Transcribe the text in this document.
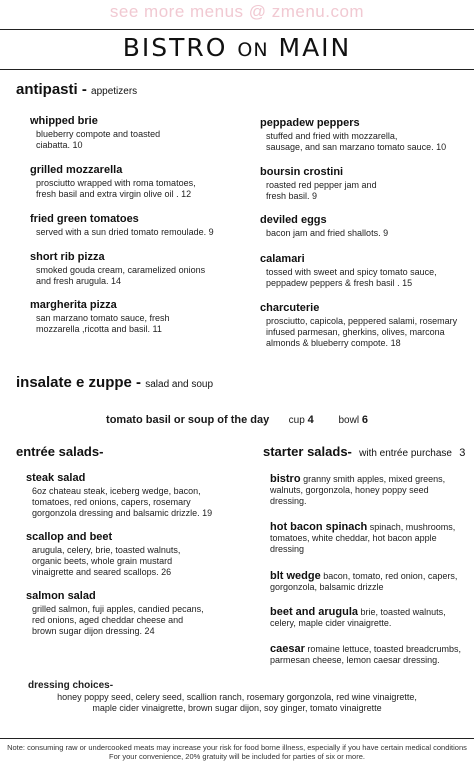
see more menus @ zmenu.com
BISTRO ON MAIN
antipasti - appetizers
whipped brie
blueberry compote and toasted
ciabatta. 10
grilled mozzarella
prosciutto wrapped with roma tomatoes,
fresh basil and extra virgin olive oil . 12
fried green tomatoes
served with a sun dried tomato remoulade. 9
short rib pizza
smoked gouda cream, caramelized onions
and fresh arugula. 14
margherita pizza
san marzano tomato sauce, fresh
mozzarella ,ricotta and basil. 11
peppadew peppers
stuffed and fried with mozzarella,
sausage, and san marzano tomato sauce. 10
boursin crostini
roasted red pepper jam and
fresh basil. 9
deviled eggs
bacon jam and fried shallots. 9
calamari
tossed with sweet and spicy tomato sauce,
peppadew peppers & fresh basil . 15
charcuterie
prosciutto, capicola, peppered salami, rosemary
infused parmesan, gherkins, olives, marcona
almonds & blueberry compote. 18
insalate e zuppe - salad and soup
tomato basil or soup of the day cup 4 bowl 6
entrée salads-
steak salad
6oz chateau steak, iceberg wedge, bacon,
tomatoes, red onions, capers, rosemary
gorgonzola dressing and balsamic drizzle. 19
scallop and beet
arugula, celery, brie, toasted walnuts,
organic beets, whole grain mustard
vinaigrette and seared scallops. 26
salmon salad
grilled salmon, fuji apples, candied pecans,
red onions, aged cheddar cheese and
brown sugar dijon dressing. 24
starter salads- with entrée purchase 3
bistro granny smith apples, mixed greens,
walnuts, gorgonzola, honey poppy seed
dressing.
hot bacon spinach spinach, mushrooms,
tomatoes, white cheddar, hot bacon apple
dressing
blt wedge bacon, tomato, red onion, capers,
gorgonzola, balsamic drizzle
beet and arugula brie, toasted walnuts,
celery, maple cider vinaigrette.
caesar romaine lettuce, toasted breadcrumbs,
parmesan cheese, lemon caesar dressing.
dressing choices-
honey poppy seed, celery seed, scallion ranch, rosemary gorgonzola, red wine vinaigrette,
maple cider vinaigrette, brown sugar dijon, soy ginger, tomato vinaigrette
Note: consuming raw or undercooked meats may increase your risk for food borne illness, especially if you have certain medical conditions
For your convenience, 20% gratuity will be included for parties of six or more.
